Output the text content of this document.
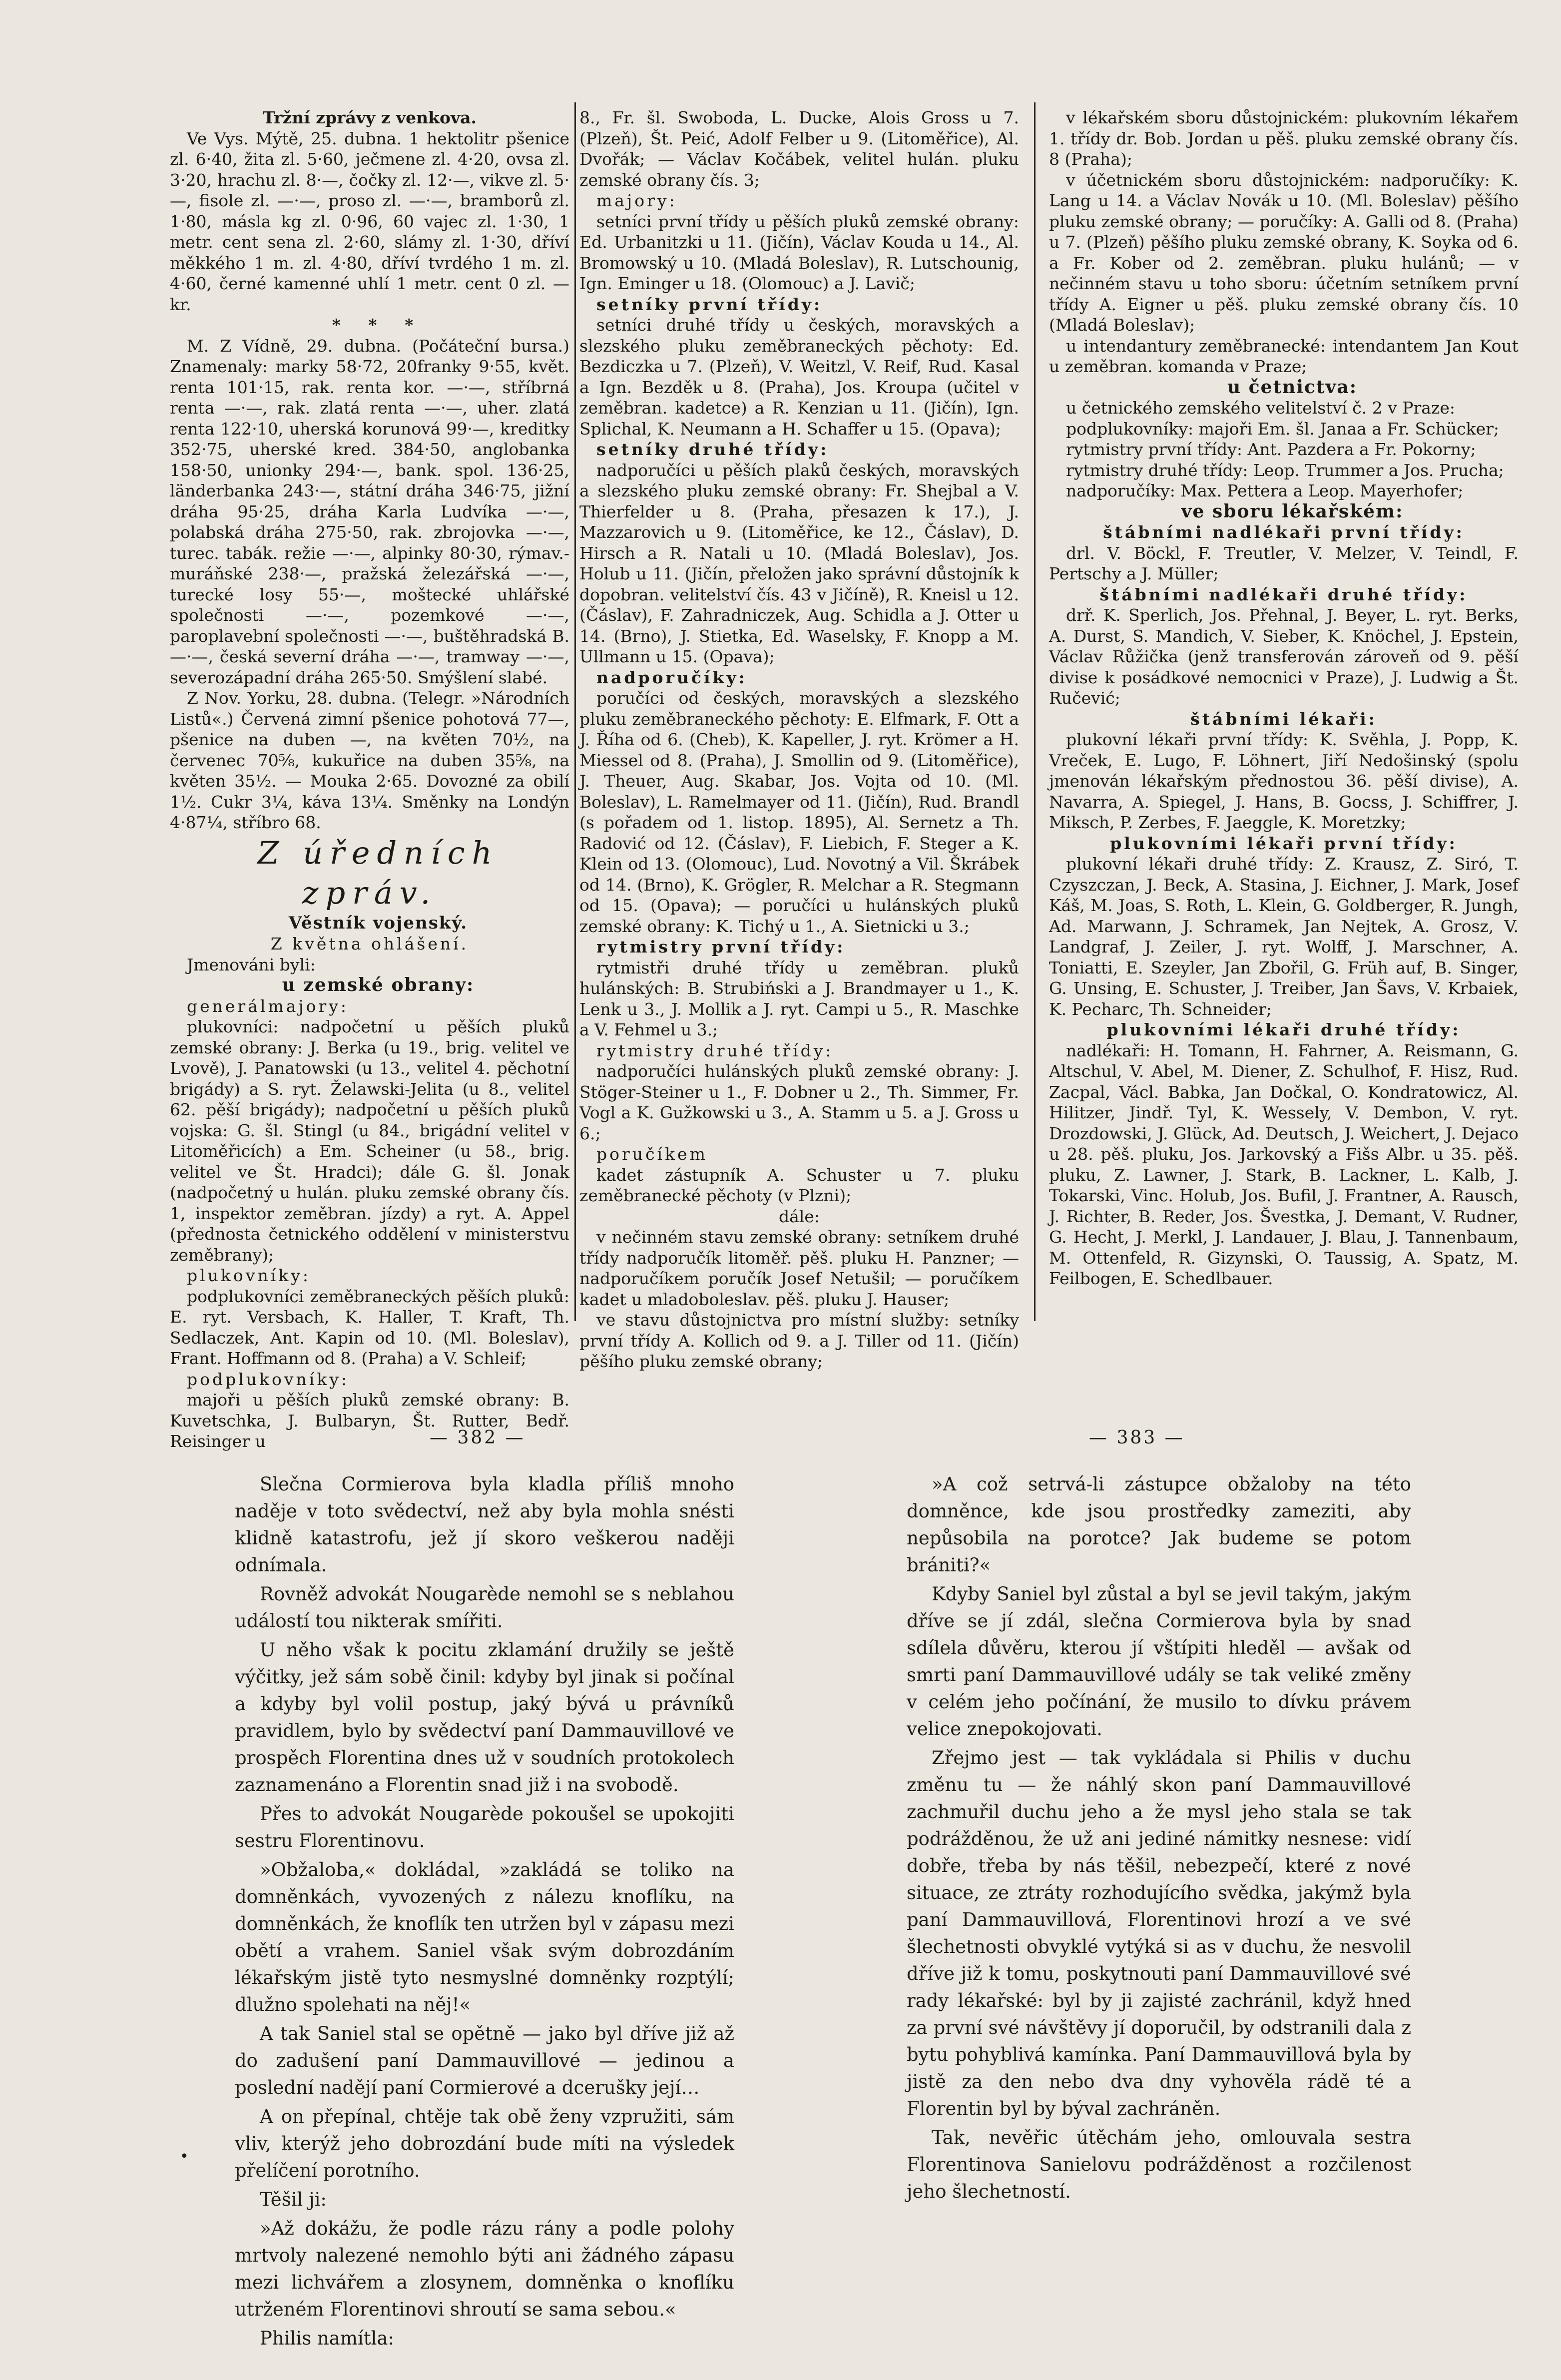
Tržní zprávy z venkova.

Ve Vys. Mýtě, 25. dubna. 1 hektolitr pšenice zl. 6·40, žita zl. 5·60, ječmene zl. 4·20, ovsa zl. 3·20, hrachu zl. 8·—, čočky zl. 12·—, vikve zl. 5·—, fisole zl. —·—, proso zl. —·—, bramborů zl. 1·80, másla kg zl. 0·96, 60 vajec zl. 1·30, 1 metr. cent sena zl. 2·60, slámy zl. 1·30, dříví měkkého 1 m. zl. 4·80, dříví tvrdého 1 m. zl. 4·60, černé kamenné uhlí 1 metr. cent 0 zl. — kr.

* * *

M. Z Vídně, 29. dubna. (Počáteční bursa.) Znamenaly: marky 58·72, 20franky 9·55, květ. renta 101·15, rak. renta kor. —·—, stříbrná renta —·—, rak. zlatá renta —·—, uher. zlatá renta 122·10, uherská korunová 99·—, kreditky 352·75, uherské kred. 384·50, anglobanka 158·50, unionky 294·—, bank. spol. 136·25, länderbanka 243·—, státní dráha 346·75, jižní dráha 95·25, dráha Karla Ludvíka —·—, polabská dráha 275·50, rak. zbrojovka —·—, turec. tabák. režie —·—, alpinky 80·30, rýmav.-muráňské 238·—, pražská železářská —·—, turecké losy 55·—, moštecké uhlářské společnosti —·—, pozemkové —·—, paroplavební společnosti —·—, buštěhradská B. —·—, česká severní dráha —·—, tramway —·—, severozápadní dráha 265·50. Smýšlení slabé.

Z Nov. Yorku, 28. dubna. (Telegr. »Národních Listů«.) Červená zimní pšenice pohotová 77—, pšenice na duben —, na květen 70½, na červenec 70⅝, kukuřice na duben 35⅝, na květen 35½. — Mouka 2·65. Dovozné za obilí 1½. Cukr 3¼, káva 13¼. Směnky na Londýn 4·87¼, stříbro 68.

Z úředních zpráv.

Věstník vojenský.

Z května ohlášení.

Jmenováni byli:

u zemské obrany:

generálmajory:

plukovníci: nadpočetní u pěších pluků zemské obrany: J. Berka (u 19., brig. velitel ve Lvově), J. Panatowski (u 13., velitel 4. pěchotní brigády) a S. ryt. Želawski-Jelita (u 8., velitel 62. pěší brigády); nadpočetní u pěších pluků vojska: G. šl. Stingl (u 84., brigádní velitel v Litoměřicích) a Em. Scheiner (u 58., brig. velitel ve Št. Hradci); dále G. šl. Jonak (nadpočetný u hulán. pluku zemské obrany čís. 1, inspektor zeměbran. jízdy) a ryt. A. Appel (přednosta četnického oddělení v ministerstvu zeměbrany);

plukovníky:

podplukovníci zeměbraneckých pěších pluků: E. ryt. Versbach, K. Haller, T. Kraft, Th. Sedlaczek, Ant. Kapin od 10. (Ml. Boleslav), Frant. Hoffmann od 8. (Praha) a V. Schleif;

podplukovníky:

majoři u pěších pluků zemské obrany: B. Kuvetschka, J. Bulbaryn, Št. Rutter, Bedř. Reisinger u

8., Fr. šl. Swoboda, L. Ducke, Alois Gross u 7. (Plzeň), Št. Peić, Adolf Felber u 9. (Litoměřice), Al. Dvořák; — Václav Kočábek, velitel hulán. pluku zemské obrany čís. 3;

majory:

setníci první třídy u pěších pluků zemské obrany: Ed. Urbanitzki u 11. (Jičín), Václav Kouda u 14., Al. Bromowský u 10. (Mladá Boleslav), R. Lutschounig, Ign. Eminger u 18. (Olomouc) a J. Lavič;

setníky první třídy:

setníci druhé třídy u českých, moravských a slezského pluku zeměbraneckých pěchoty: Ed. Bezdiczka u 7. (Plzeň), V. Weitzl, V. Reif, Rud. Kasal a Ign. Bezděk u 8. (Praha), Jos. Kroupa (učitel v zeměbran. kadetce) a R. Kenzian u 11. (Jičín), Ign. Splichal, K. Neumann a H. Schaffer u 15. (Opava);

setníky druhé třídy:

nadporučíci u pěších plaků českých, moravských a slezského pluku zemské obrany: Fr. Shejbal a V. Thierfelder u 8. (Praha, přesazen k 17.), J. Mazzarovich u 9. (Litoměřice, ke 12., Čáslav), D. Hirsch a R. Natali u 10. (Mladá Boleslav), Jos. Holub u 11. (Jičín, přeložen jako správní důstojník k dopobran. velitelství čís. 43 v Jičíně), R. Kneisl u 12. (Čáslav), F. Zahradniczek, Aug. Schidla a J. Otter u 14. (Brno), J. Stietka, Ed. Waselsky, F. Knopp a M. Ullmann u 15. (Opava);

nadporučíky:

poručíci od českých, moravských a slezského pluku zeměbraneckého pěchoty: E. Elfmark, F. Ott a J. Říha od 6. (Cheb), K. Kapeller, J. ryt. Krömer a H. Miessel od 8. (Praha), J. Smollin od 9. (Litoměřice), J. Theuer, Aug. Skabar, Jos. Vojta od 10. (Ml. Boleslav), L. Ramelmayer od 11. (Jičín), Rud. Brandl (s pořadem od 1. listop. 1895), Al. Sernetz a Th. Radović od 12. (Čáslav), F. Liebich, F. Steger a K. Klein od 13. (Olomouc), Lud. Novotný a Vil. Škrábek od 14. (Brno), K. Grögler, R. Melchar a R. Stegmann od 15. (Opava); — poručíci u hulánských pluků zemské obrany: K. Tichý u 1., A. Sietnicki u 3.;

rytmistry první třídy:

rytmistři druhé třídy u zeměbran. pluků hulánských: B. Strubiński a J. Brandmayer u 1., K. Lenk u 3., J. Mollik a J. ryt. Campi u 5., R. Maschke a V. Fehmel u 3.;

rytmistry druhé třídy:

nadporučíci hulánských pluků zemské obrany: J. Stöger-Steiner u 1., F. Dobner u 2., Th. Simmer, Fr. Vogl a K. Gužkowski u 3., A. Stamm u 5. a J. Gross u 6.;

poručíkem

kadet zástupník A. Schuster u 7. pluku zeměbranecké pěchoty (v Plzni);

dále:

v nečinném stavu zemské obrany: setníkem druhé třídy nadporučík litoměř. pěš. pluku H. Panzner; — nadporučíkem poručík Josef Netušil; — poručíkem kadet u mladoboleslav. pěš. pluku J. Hauser;

ve stavu důstojnictva pro místní služby: setníky první třídy A. Kollich od 9. a J. Tiller od 11. (Jičín) pěšího pluku zemské obrany;

v lékařském sboru důstojnickém: plukovním lékařem 1. třídy dr. Bob. Jordan u pěš. pluku zemské obrany čís. 8 (Praha);

v účetnickém sboru důstojnickém: nadporučíky: K. Lang u 14. a Václav Novák u 10. (Ml. Boleslav) pěšího pluku zemské obrany; — poručíky: A. Galli od 8. (Praha) u 7. (Plzeň) pěšího pluku zemské obrany, K. Soyka od 6. a Fr. Kober od 2. zeměbran. pluku hulánů; — v nečinném stavu u toho sboru: účetním setníkem první třídy A. Eigner u pěš. pluku zemské obrany čís. 10 (Mladá Boleslav);

u intendantury zeměbranecké: intendantem Jan Kout u zeměbran. komanda v Praze;

u četnictva:

u četnického zemského velitelství č. 2 v Praze:

podplukovníky: majoři Em. šl. Janaa a Fr. Schücker;

rytmistry první třídy: Ant. Pazdera a Fr. Pokorny;

rytmistry druhé třídy: Leop. Trummer a Jos. Prucha;

nadporučíky: Max. Pettera a Leop. Mayerhofer;

ve sboru lékařském:

štábními nadlékaři první třídy:

drl. V. Böckl, F. Treutler, V. Melzer, V. Teindl, F. Pertschy a J. Müller;

štábními nadlékaři druhé třídy:

drř. K. Sperlich, Jos. Přehnal, J. Beyer, L. ryt. Berks, A. Durst, S. Mandich, V. Sieber, K. Knöchel, J. Epstein, Václav Růžička (jenž transferován zároveň od 9. pěší divise k posádkové nemocnici v Praze), J. Ludwig a Št. Ručević;

štábními lékaři:

plukovní lékaři první třídy: K. Svěhla, J. Popp, K. Vreček, E. Lugo, F. Löhnert, Jiří Nedošinský (spolu jmenován lékařským přednostou 36. pěší divise), A. Navarra, A. Spiegel, J. Hans, B. Gocss, J. Schiffrer, J. Miksch, P. Zerbes, F. Jaeggle, K. Moretzky;

plukovními lékaři první třídy:

plukovní lékaři druhé třídy: Z. Krausz, Z. Siró, T. Czyszczan, J. Beck, A. Stasina, J. Eichner, J. Mark, Josef Káš, M. Joas, S. Roth, L. Klein, G. Goldberger, R. Jungh, Ad. Marwann, J. Schramek, Jan Nejtek, A. Grosz, V. Landgraf, J. Zeiler, J. ryt. Wolff, J. Marschner, A. Toniatti, E. Szeyler, Jan Zbořil, G. Früh auf, B. Singer, G. Unsing, E. Schuster, J. Treiber, Jan Šavs, V. Krbaiek, K. Pecharc, Th. Schneider;

plukovními lékaři druhé třídy:

nadlékaři: H. Tomann, H. Fahrner, A. Reismann, G. Altschul, V. Abel, M. Diener, Z. Schulhof, F. Hisz, Rud. Zacpal, Václ. Babka, Jan Dočkal, O. Kondratowicz, Al. Hilitzer, Jindř. Tyl, K. Wessely, V. Dembon, V. ryt. Drozdowski, J. Glück, Ad. Deutsch, J. Weichert, J. Dejaco u 28. pěš. pluku, Jos. Jarkovský a Fišs Albr. u 35. pěš. pluku, Z. Lawner, J. Stark, B. Lackner, L. Kalb, J. Tokarski, Vinc. Holub, Jos. Bufil, J. Frantner, A. Rausch, J. Richter, B. Reder, Jos. Švestka, J. Demant, V. Rudner, G. Hecht, J. Merkl, J. Landauer, J. Blau, J. Tannenbaum, M. Ottenfeld, R. Gizynski, O. Taussig, A. Spatz, M. Feilbogen, E. Schedlbauer.

— 382 —	— 383 —

Slečna Cormierova byla kladla příliš mnoho naděje v toto svědectví, než aby byla mohla snésti klidně katastrofu, jež jí skoro veškerou naději odnímala.

Rovněž advokát Nougarède nemohl se s neblahou událostí tou nikterak smířiti.

U něho však k pocitu zklamání družily se ještě výčitky, jež sám sobě činil: kdyby byl jinak si počínal a kdyby byl volil postup, jaký bývá u právníků pravidlem, bylo by svědectví paní Dammauvillové ve prospěch Florentina dnes už v soudních protokolech zaznamenáno a Florentin snad již i na svobodě.

Přes to advokát Nougarède pokoušel se upokojiti sestru Florentinovu.

»Obžaloba,« dokládal, »zakládá se toliko na domněnkách, vyvozených z nálezu knoflíku, na domněnkách, že knoflík ten utržen byl v zápasu mezi obětí a vrahem. Saniel však svým dobrozdáním lékařským jistě tyto nesmyslné domněnky rozptýlí; dlužno spolehati na něj!«

A tak Saniel stal se opětně — jako byl dříve již až do zadušení paní Dammauvillové — jedinou a poslední nadějí paní Cormierové a dcerušky její…

A on přepínal, chtěje tak obě ženy vzpružiti, sám vliv, kterýž jeho dobrozdání bude míti na výsledek přelíčení porotního.

Těšil ji:

»Až dokážu, že podle rázu rány a podle polohy mrtvoly nalezené nemohlo býti ani žádného zápasu mezi lichvářem a zlosynem, domněnka o knoflíku utrženém Florentinovi shroutí se sama sebou.«

Philis namítla:

»A což setrvá-li zástupce obžaloby na této domněnce, kde jsou prostředky zameziti, aby nepůsobila na porotce? Jak budeme se potom brániti?«

Kdyby Saniel byl zůstal a byl se jevil takým, jakým dříve se jí zdál, slečna Cormierova byla by snad sdílela důvěru, kterou jí vštípiti hleděl — avšak od smrti paní Dammauvillové udály se tak veliké změny v celém jeho počínání, že musilo to dívku právem velice znepokojovati.

Zřejmo jest — tak vykládala si Philis v duchu změnu tu — že náhlý skon paní Dammauvillové zachmuřil duchu jeho a že mysl jeho stala se tak podrážděnou, že už ani jediné námitky nesnese: vidí dobře, třeba by nás těšil, nebezpečí, které z nové situace, ze ztráty rozhodujícího svědka, jakýmž byla paní Dammauvillová, Florentinovi hrozí a ve své šlechetnosti obvyklé vytýká si as v duchu, že nesvolil dříve již k tomu, poskytnouti paní Dammauvillové své rady lékařské: byl by ji zajisté zachránil, když hned za první své návštěvy jí doporučil, by odstranili dala z bytu pohyblivá kamínka. Paní Dammauvillová byla by jistě za den nebo dva dny vyhověla rádě té a Florentin byl by býval zachráněn.

Tak, nevěřic útěchám jeho, omlouvala sestra Florentinova Sanielovu podrážděnost a rozčilenost jeho šlechetností.

•
